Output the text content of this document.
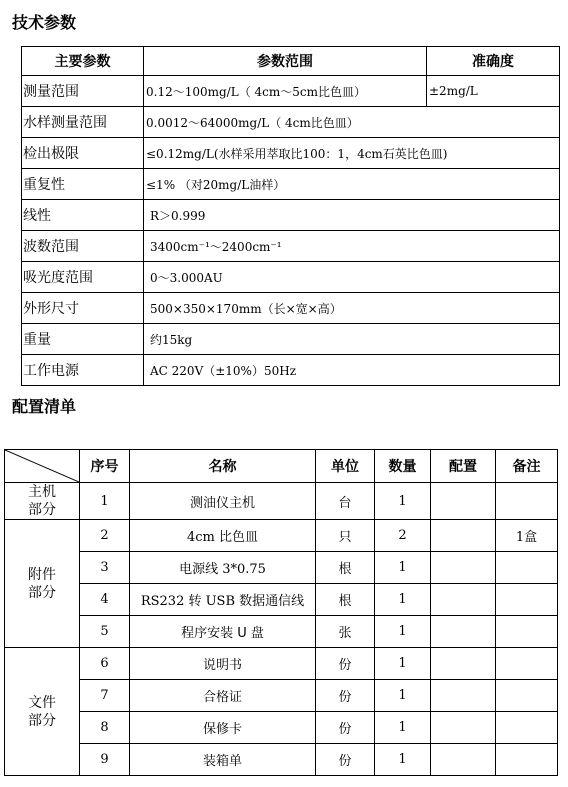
技术参数
主要参数	参数范围	准确度
测量范围	0.12～100mg/L（ 4cm～5cm比色皿）	±2mg/L
水样测量范围	0.0012～64000mg/L（ 4cm比色皿）	
检出极限	≤0.12mg/L(水样采用萃取比100：1，4cm石英比色皿)	
重复性	≤1% （对20mg/L油样）	
线性	R＞0.999	
波数范围	3400cm⁻¹～2400cm⁻¹	
吸光度范围	0～3.000AU	
外形尺寸	500×350×170mm（长×宽×高）	
重量	约15kg	
工作电源	AC 220V（±10%）50Hz	
配置清单
	序号	名称	单位	数量	配置	备注

主机
部分	1	测油仪主机	台	1		

附件
部分	2	4cm 比色皿	只	2		1盒
	3	电源线 3*0.75	根	1		
	4	RS232 转 USB 数据通信线	根	1		
	5	程序安装 U 盘	张	1		

文件
部分	6	说明书	份	1		
	7	合格证	份	1		
	8	保修卡	份	1		
	9	装箱单	份	1		
